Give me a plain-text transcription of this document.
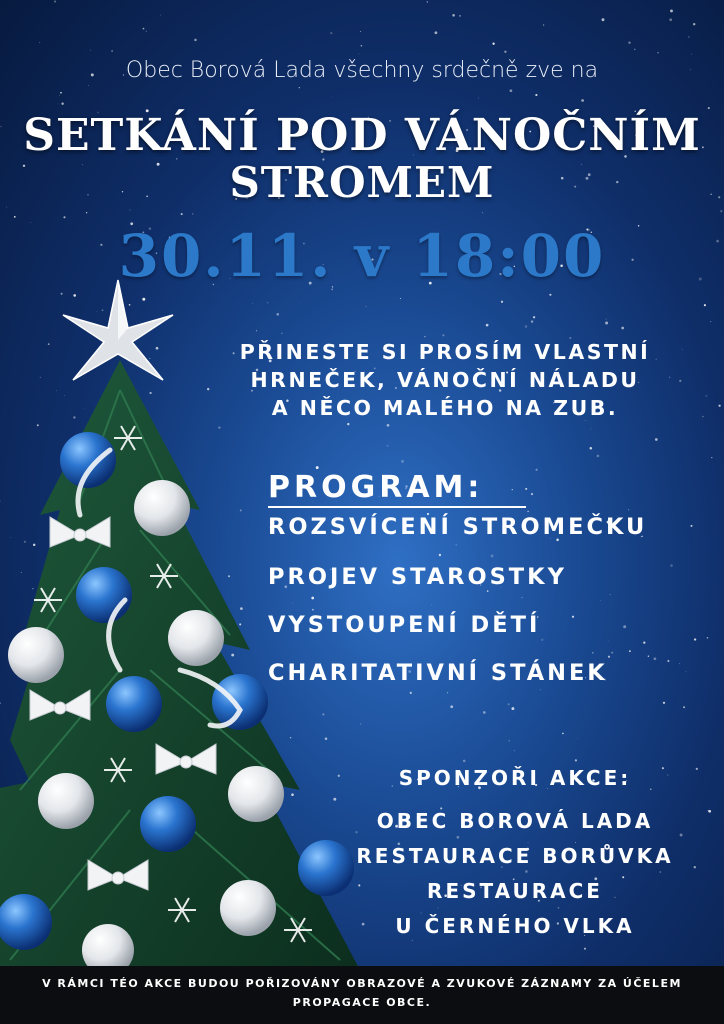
Obec Borová Lada všechny srdečně zve na
SETKÁNÍ POD VÁNOČNÍM
STROMEM
30.11. v 18:00
PŘINESTE SI PROSÍM VLASTNÍ
HRNEČEK, VÁNOČNÍ NÁLADU
A NĚCO MALÉHO NA ZUB.
PROGRAM:
ROZSVÍCENÍ STROMEČKU
PROJEV STAROSTKY
VYSTOUPENÍ DĚTÍ
CHARITATIVNÍ STÁNEK
SPONZOŘI AKCE:
OBEC BOROVÁ LADA
RESTAURACE BORŮVKA
RESTAURACE
U ČERNÉHO VLKA
V RÁMCI TÉO AKCE BUDOU POŘIZOVÁNY OBRAZOVÉ A ZVUKOVÉ ZÁZNAMY ZA ÚČELEM
PROPAGACE OBCE.
